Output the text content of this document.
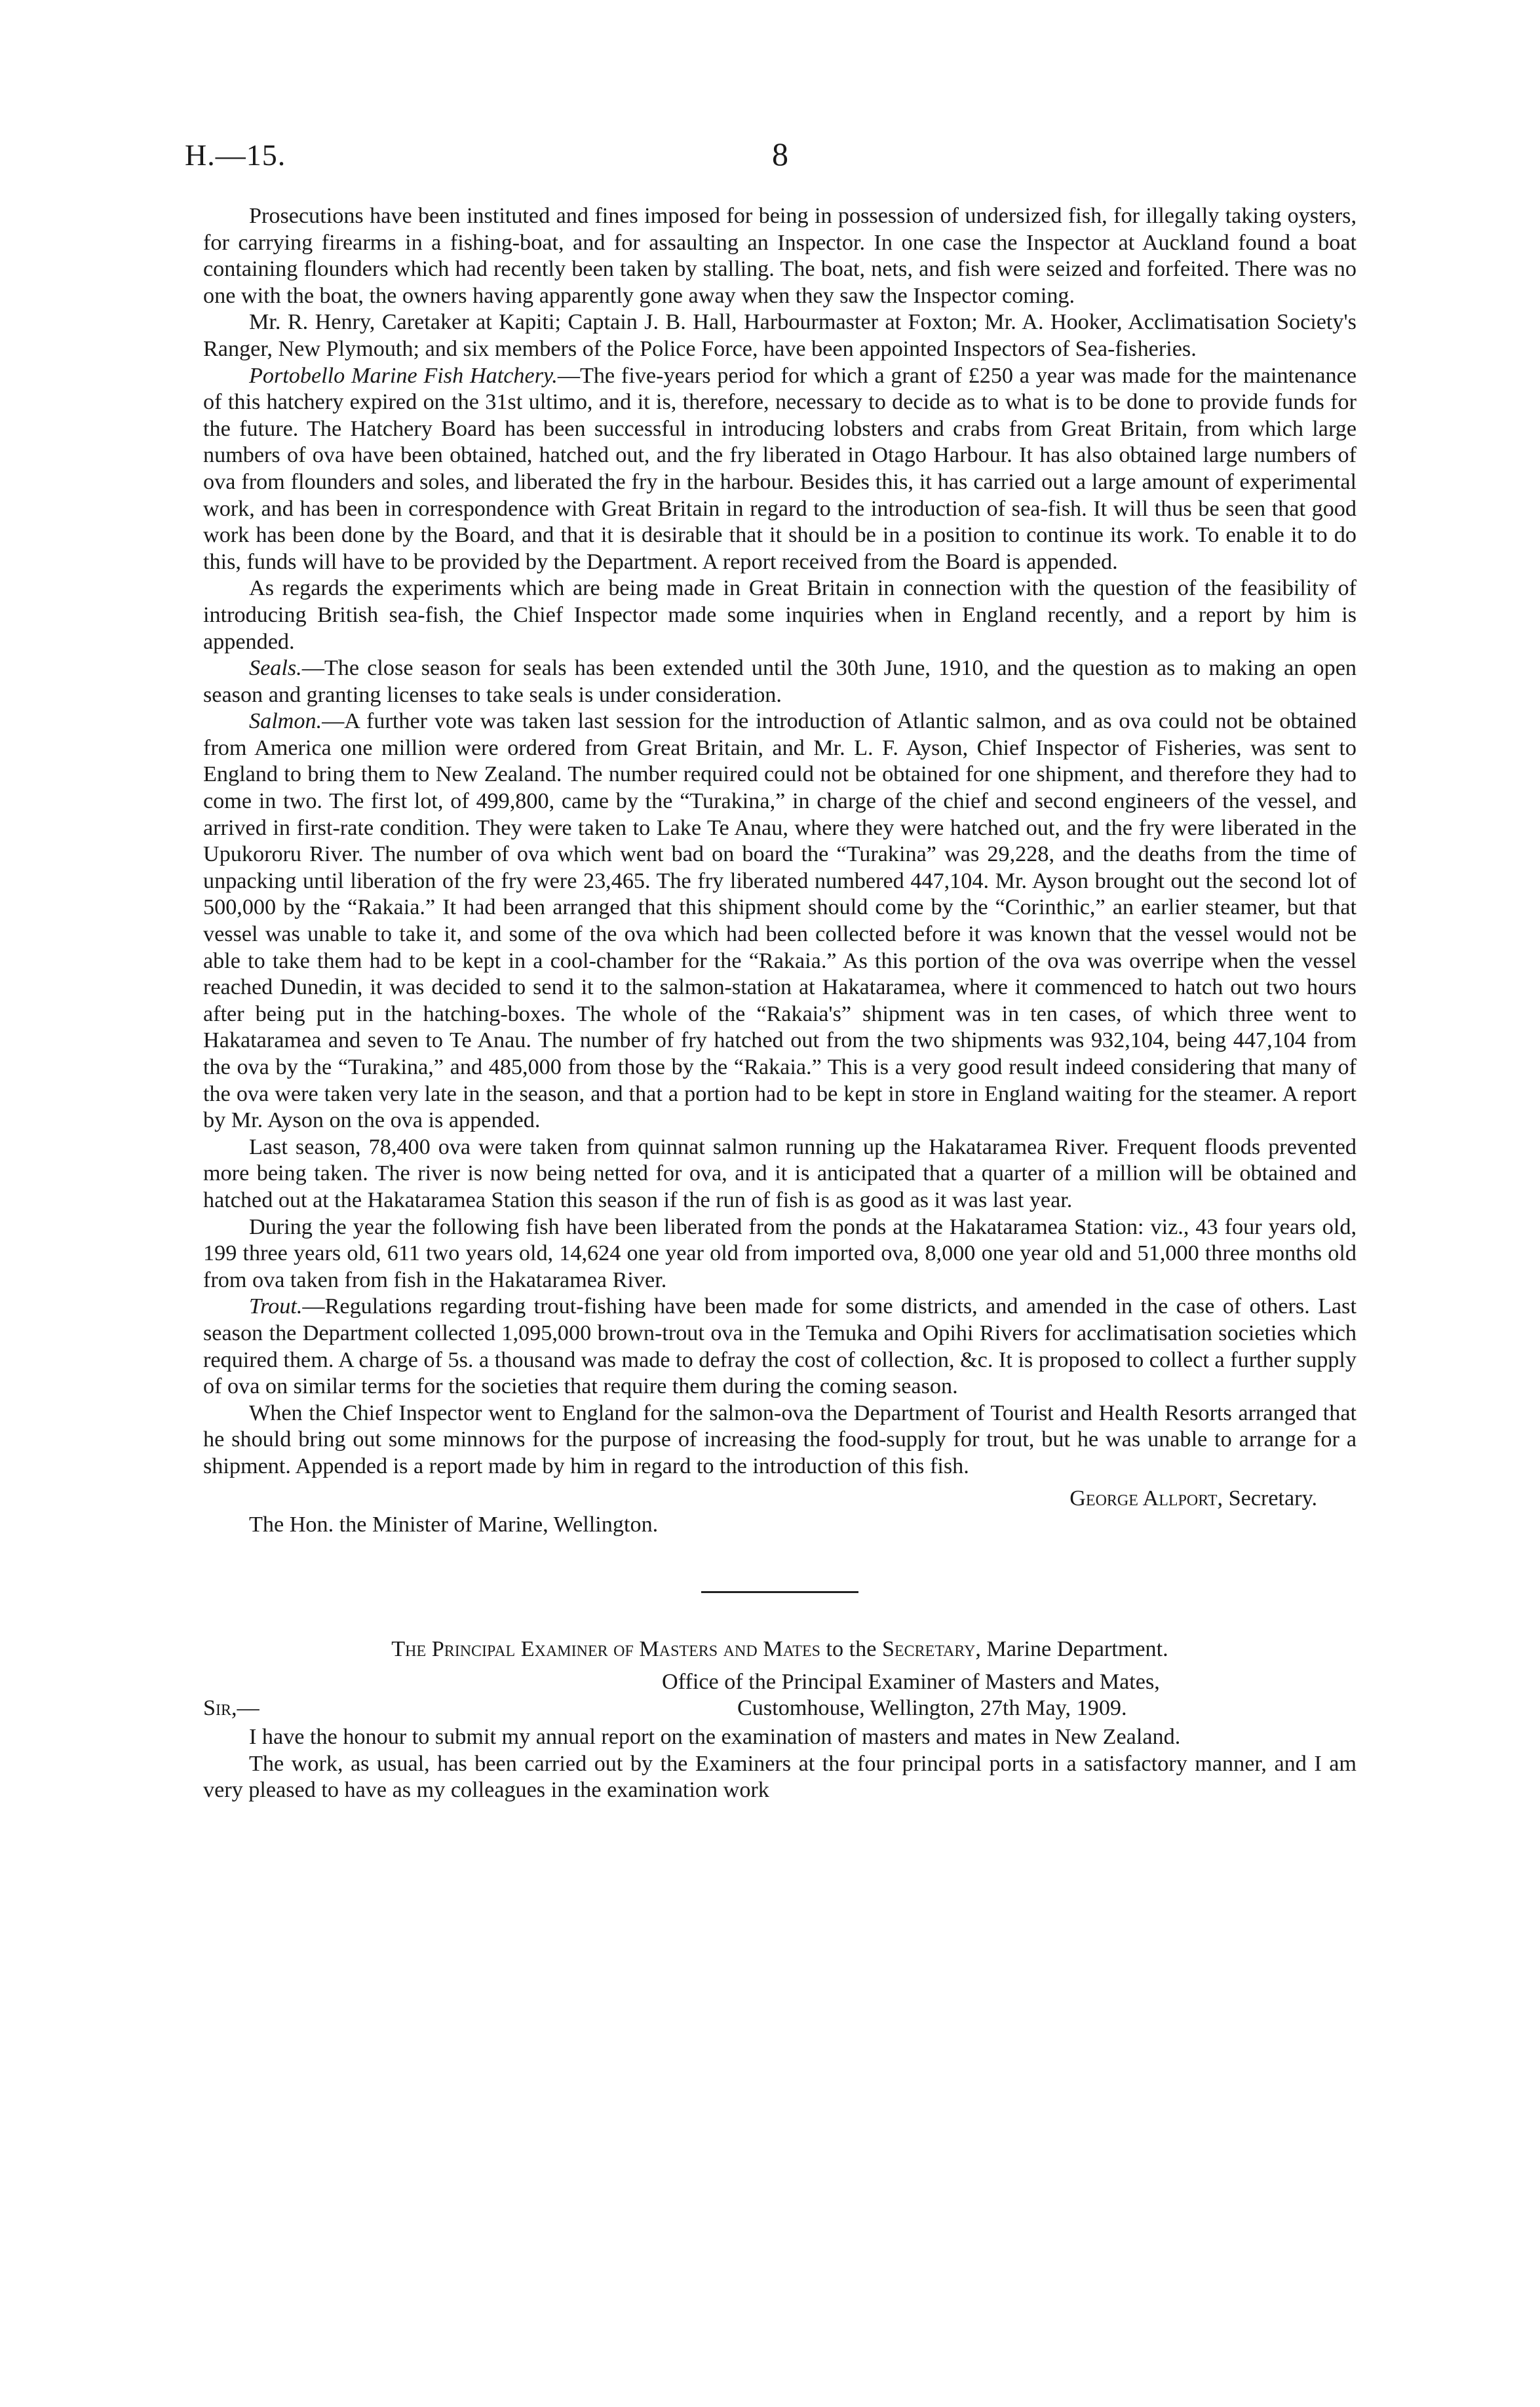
H.—15.	8

Prosecutions have been instituted and fines imposed for being in possession of undersized fish, for illegally taking oysters, for carrying firearms in a fishing-boat, and for assaulting an Inspector. In one case the Inspector at Auckland found a boat containing flounders which had recently been taken by stalling. The boat, nets, and fish were seized and forfeited. There was no one with the boat, the owners having apparently gone away when they saw the Inspector coming.

Mr. R. Henry, Caretaker at Kapiti; Captain J. B. Hall, Harbourmaster at Foxton; Mr. A. Hooker, Acclimatisation Society's Ranger, New Plymouth; and six members of the Police Force, have been appointed Inspectors of Sea-fisheries.

Portobello Marine Fish Hatchery.—The five-years period for which a grant of £250 a year was made for the maintenance of this hatchery expired on the 31st ultimo, and it is, therefore, necessary to decide as to what is to be done to provide funds for the future. The Hatchery Board has been successful in introducing lobsters and crabs from Great Britain, from which large numbers of ova have been obtained, hatched out, and the fry liberated in Otago Harbour. It has also obtained large numbers of ova from flounders and soles, and liberated the fry in the harbour. Besides this, it has carried out a large amount of experimental work, and has been in correspondence with Great Britain in regard to the introduction of sea-fish. It will thus be seen that good work has been done by the Board, and that it is desirable that it should be in a position to continue its work. To enable it to do this, funds will have to be provided by the Department. A report received from the Board is appended.

As regards the experiments which are being made in Great Britain in connection with the question of the feasibility of introducing British sea-fish, the Chief Inspector made some inquiries when in England recently, and a report by him is appended.

Seals.—The close season for seals has been extended until the 30th June, 1910, and the question as to making an open season and granting licenses to take seals is under consideration.

Salmon.—A further vote was taken last session for the introduction of Atlantic salmon, and as ova could not be obtained from America one million were ordered from Great Britain, and Mr. L. F. Ayson, Chief Inspector of Fisheries, was sent to England to bring them to New Zealand. The number required could not be obtained for one shipment, and therefore they had to come in two. The first lot, of 499,800, came by the “Turakina,” in charge of the chief and second engineers of the vessel, and arrived in first-rate condition. They were taken to Lake Te Anau, where they were hatched out, and the fry were liberated in the Upukororu River. The number of ova which went bad on board the “Turakina” was 29,228, and the deaths from the time of unpacking until liberation of the fry were 23,465. The fry liberated numbered 447,104. Mr. Ayson brought out the second lot of 500,000 by the “Rakaia.” It had been arranged that this shipment should come by the “Corinthic,” an earlier steamer, but that vessel was unable to take it, and some of the ova which had been collected before it was known that the vessel would not be able to take them had to be kept in a cool-chamber for the “Rakaia.” As this portion of the ova was overripe when the vessel reached Dunedin, it was decided to send it to the salmon-station at Hakataramea, where it commenced to hatch out two hours after being put in the hatching-boxes. The whole of the “Rakaia's” shipment was in ten cases, of which three went to Hakataramea and seven to Te Anau. The number of fry hatched out from the two shipments was 932,104, being 447,104 from the ova by the “Turakina,” and 485,000 from those by the “Rakaia.” This is a very good result indeed considering that many of the ova were taken very late in the season, and that a portion had to be kept in store in England waiting for the steamer. A report by Mr. Ayson on the ova is appended.

Last season, 78,400 ova were taken from quinnat salmon running up the Hakataramea River. Frequent floods prevented more being taken. The river is now being netted for ova, and it is anticipated that a quarter of a million will be obtained and hatched out at the Hakataramea Station this season if the run of fish is as good as it was last year.

During the year the following fish have been liberated from the ponds at the Hakataramea Station: viz., 43 four years old, 199 three years old, 611 two years old, 14,624 one year old from imported ova, 8,000 one year old and 51,000 three months old from ova taken from fish in the Hakataramea River.

Trout.—Regulations regarding trout-fishing have been made for some districts, and amended in the case of others. Last season the Department collected 1,095,000 brown-trout ova in the Temuka and Opihi Rivers for acclimatisation societies which required them. A charge of 5s. a thousand was made to defray the cost of collection, &c. It is proposed to collect a further supply of ova on similar terms for the societies that require them during the coming season.

When the Chief Inspector went to England for the salmon-ova the Department of Tourist and Health Resorts arranged that he should bring out some minnows for the purpose of increasing the food-supply for trout, but he was unable to arrange for a shipment. Appended is a report made by him in regard to the introduction of this fish.

George Allport, Secretary.

The Hon. the Minister of Marine, Wellington.

The Principal Examiner of Masters and Mates to the Secretary, Marine Department.

Office of the Principal Examiner of Masters and Mates,
Sir,—	Customhouse, Wellington, 27th May, 1909.

I have the honour to submit my annual report on the examination of masters and mates in New Zealand.

The work, as usual, has been carried out by the Examiners at the four principal ports in a satisfactory manner, and I am very pleased to have as my colleagues in the examination work
